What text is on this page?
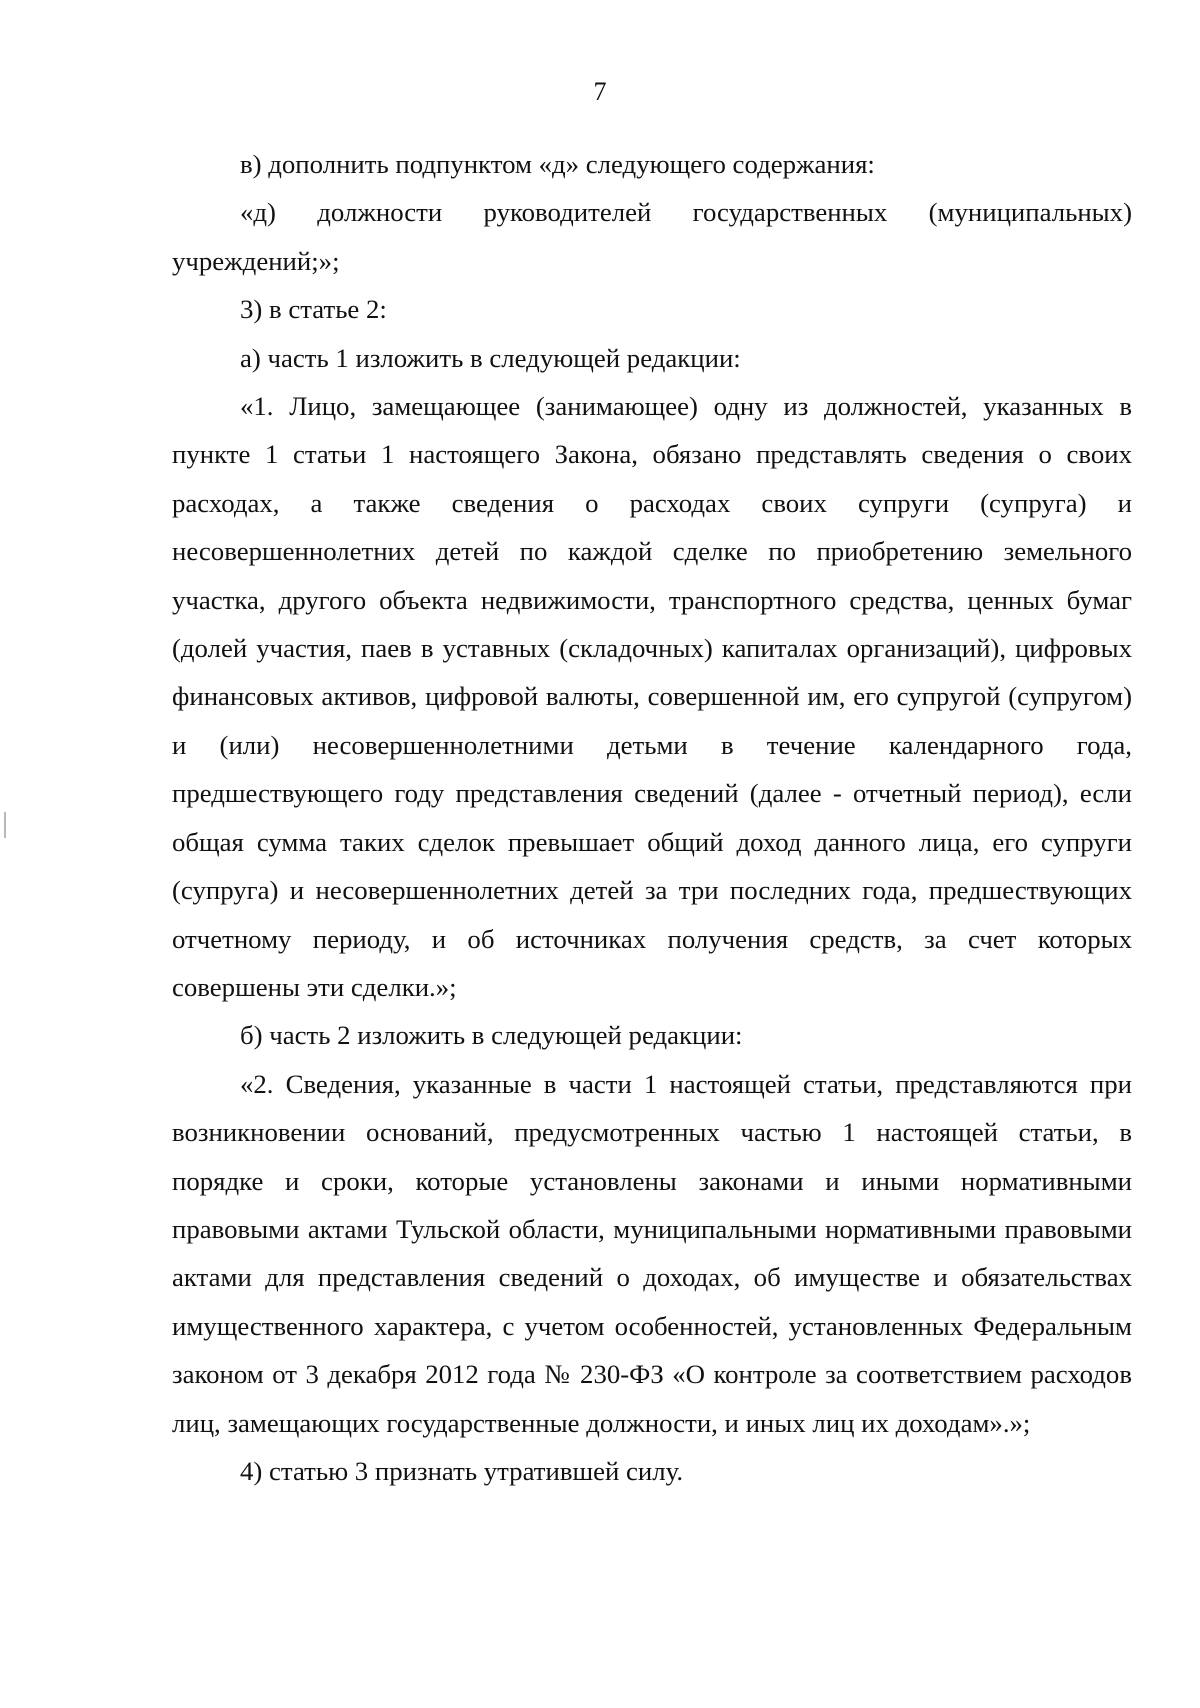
7

в) дополнить подпунктом «д» следующего содержания:

«д) должности руководителей государственных (муниципальных) учреждений;»;

3) в статье 2:

а) часть 1 изложить в следующей редакции:

«1. Лицо, замещающее (занимающее) одну из должностей, указанных в пункте 1 статьи 1 настоящего Закона, обязано представлять сведения о своих расходах, а также сведения о расходах своих супруги (супруга) и несовершеннолетних детей по каждой сделке по приобретению земельного участка, другого объекта недвижимости, транспортного средства, ценных бумаг (долей участия, паев в уставных (складочных) капиталах организаций), цифровых финансовых активов, цифровой валюты, совершенной им, его супругой (супругом) и (или) несовершеннолетними детьми в течение календарного года, предшествующего году представления сведений (далее - отчетный период), если общая сумма таких сделок превышает общий доход данного лица, его супруги (супруга) и несовершеннолетних детей за три последних года, предшествующих отчетному периоду, и об источниках получения средств, за счет которых совершены эти сделки.»;

б) часть 2 изложить в следующей редакции:

«2. Сведения, указанные в части 1 настоящей статьи, представляются при возникновении оснований, предусмотренных частью 1 настоящей статьи, в порядке и сроки, которые установлены законами и иными нормативными правовыми актами Тульской области, муниципальными нормативными правовыми актами для представления сведений о доходах, об имуществе и обязательствах имущественного характера, с учетом особенностей, установленных Федеральным законом от 3 декабря 2012 года № 230-ФЗ «О контроле за соответствием расходов лиц, замещающих государственные должности, и иных лиц их доходам».»;

4) статью 3 признать утратившей силу.
